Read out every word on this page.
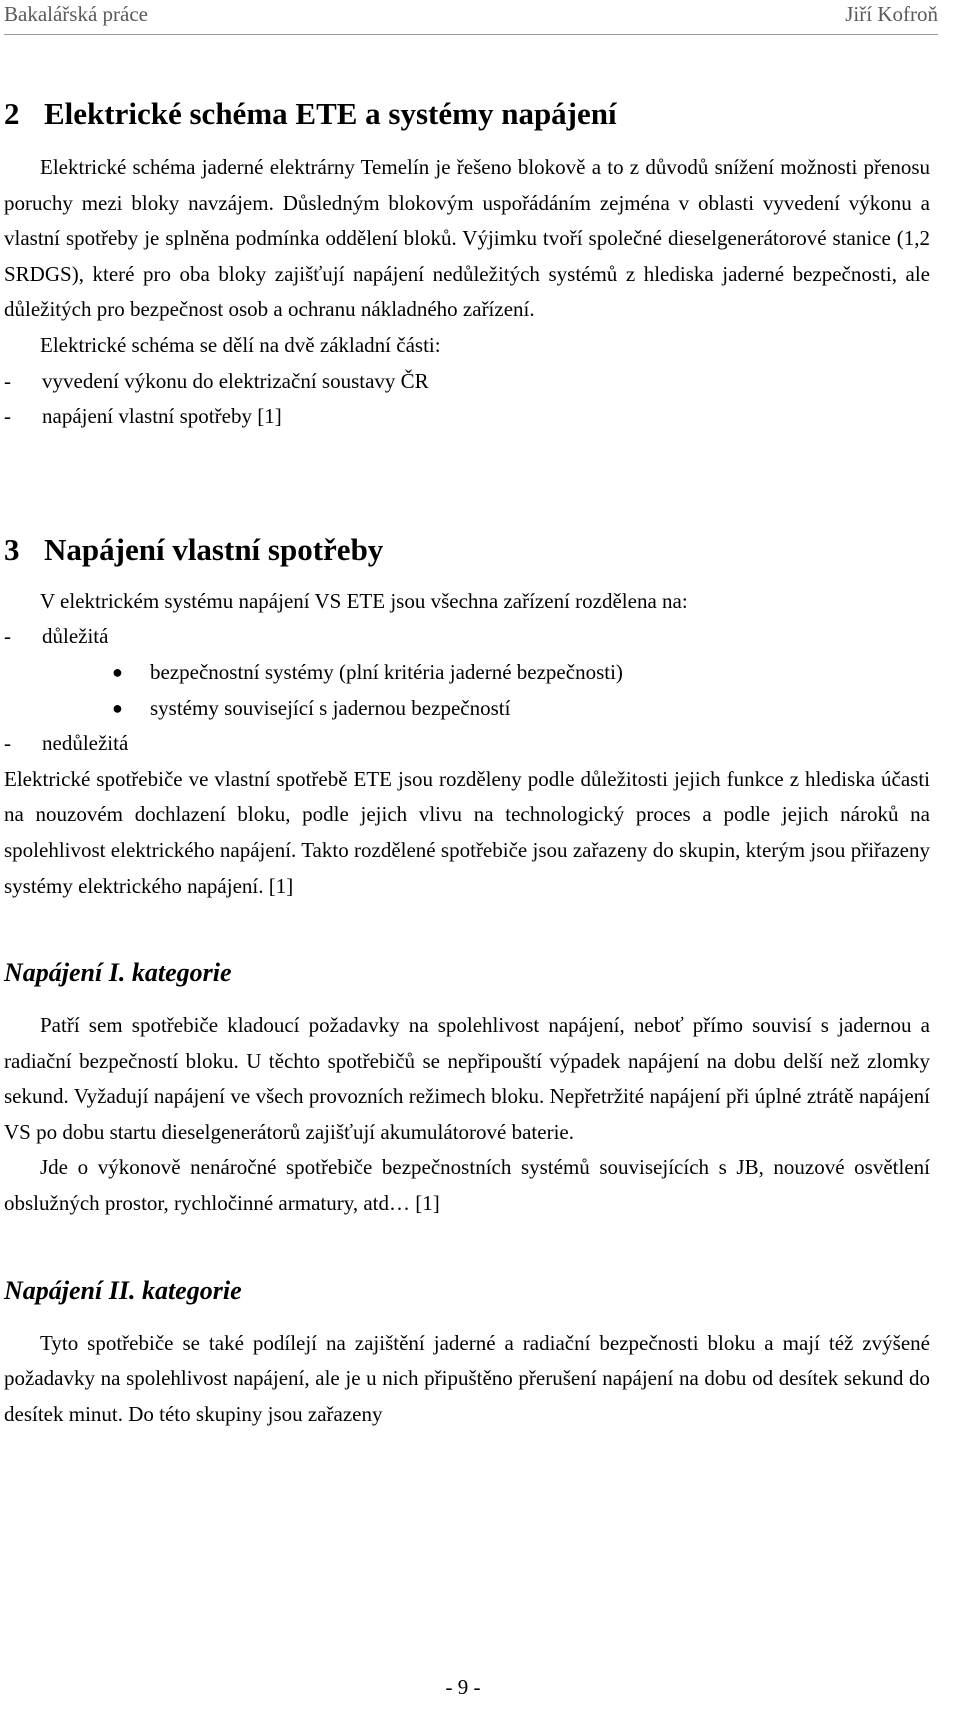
Bakalářská práce	Jiří Kofroň
2 Elektrické schéma ETE a systémy napájení

Elektrické schéma jaderné elektrárny Temelín je řešeno blokově a to z důvodů snížení možnosti přenosu poruchy mezi bloky navzájem. Důsledným blokovým uspořádáním zejména v oblasti vyvedení výkonu a vlastní spotřeby je splněna podmínka oddělení bloků. Výjimku tvoří společné dieselgenerátorové stanice (1,2 SRDGS), které pro oba bloky zajišťují napájení nedůležitých systémů z hlediska jaderné bezpečnosti, ale důležitých pro bezpečnost osob a ochranu nákladného zařízení.

Elektrické schéma se dělí na dvě základní části:

-	vyvedení výkonu do elektrizační soustavy ČR
-	napájení vlastní spotřeby [1]
3 Napájení vlastní spotřeby

V elektrickém systému napájení VS ETE jsou všechna zařízení rozdělena na:

-	důležitá
●	bezpečnostní systémy (plní kritéria jaderné bezpečnosti)
●	systémy související s jadernou bezpečností
-	nedůležitá

Elektrické spotřebiče ve vlastní spotřebě ETE jsou rozděleny podle důležitosti jejich funkce z hlediska účasti na nouzovém dochlazení bloku, podle jejich vlivu na technologický proces a podle jejich nároků na spolehlivost elektrického napájení. Takto rozdělené spotřebiče jsou zařazeny do skupin, kterým jsou přiřazeny systémy elektrického napájení. [1]

Napájení I. kategorie

Patří sem spotřebiče kladoucí požadavky na spolehlivost napájení, neboť přímo souvisí s jadernou a radiační bezpečností bloku. U těchto spotřebičů se nepřipouští výpadek napájení na dobu delší než zlomky sekund. Vyžadují napájení ve všech provozních režimech bloku. Nepřetržité napájení při úplné ztrátě napájení VS po dobu startu dieselgenerátorů zajišťují akumulátorové baterie.

Jde o výkonově nenáročné spotřebiče bezpečnostních systémů souvisejících s JB, nouzové osvětlení obslužných prostor, rychločinné armatury, atd… [1]

Napájení II. kategorie

Tyto spotřebiče se také podílejí na zajištění jaderné a radiační bezpečnosti bloku a mají též zvýšené požadavky na spolehlivost napájení, ale je u nich připuštěno přerušení napájení na dobu od desítek sekund do desítek minut. Do této skupiny jsou zařazeny

- 9 -
